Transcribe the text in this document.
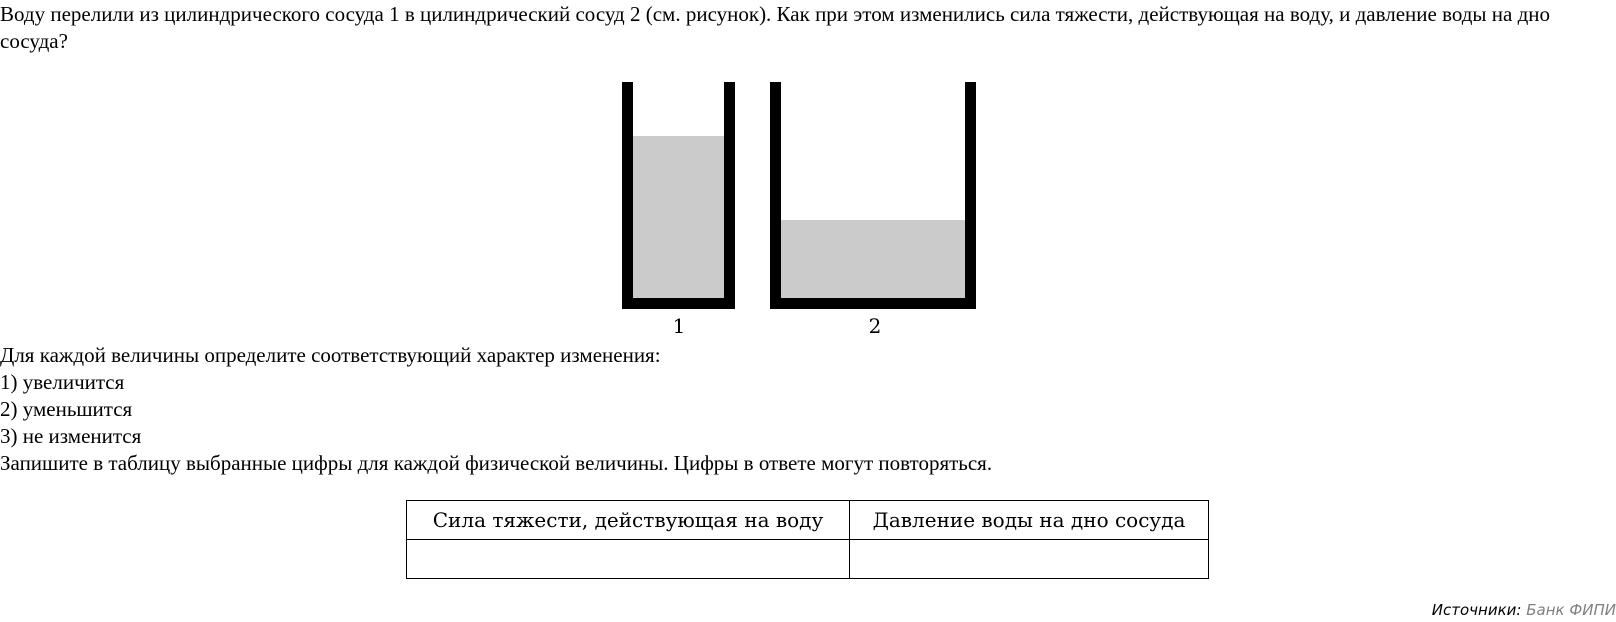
Воду перелили из цилиндрического сосуда 1 в цилиндрический сосуд 2 (см. рисунок). Как при этом изменились сила тяжести, действующая на воду, и давление воды на дно сосуда?
1	2
Для каждой величины определите соответствующий характер изменения:
1) увеличится
2) уменьшится
3) не изменится
Запишите в таблицу выбранные цифры для каждой физической величины. Цифры в ответе могут повторяться.
Сила тяжести, действующая на воду	Давление воды на дно сосуда

Источники: Банк ФИПИ
